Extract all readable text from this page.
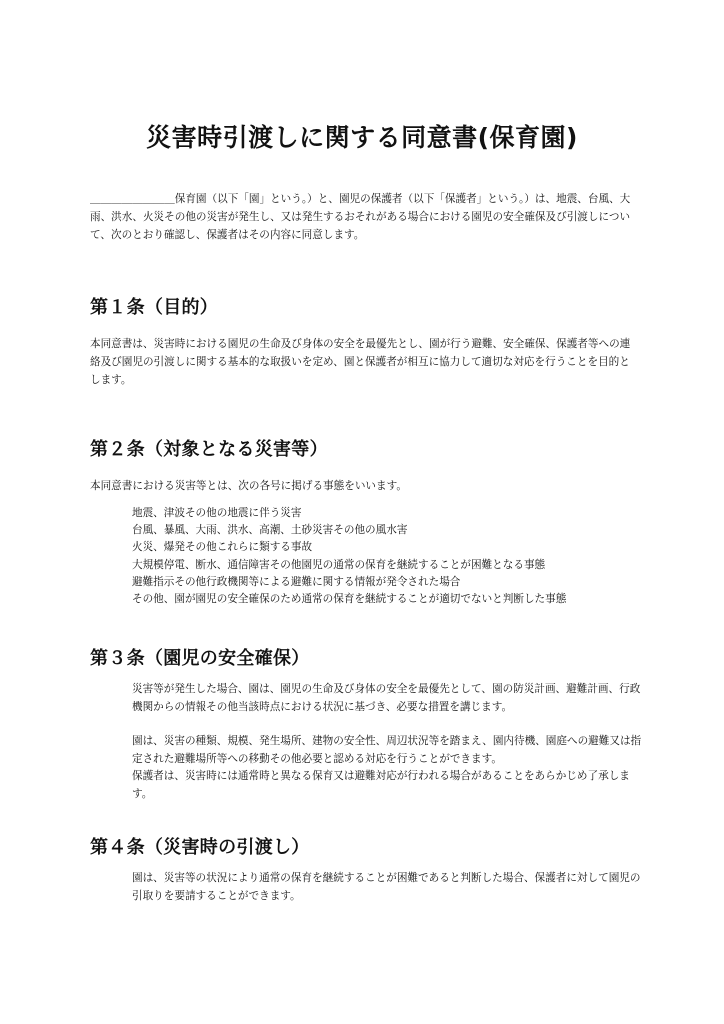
災害時引渡しに関する同意書(保育園)

＿＿＿＿＿＿＿＿保育園（以下「園」という。）と、園児の保護者（以下「保護者」という。）は、地震、台風、大雨、洪水、火災その他の災害が発生し、又は発生するおそれがある場合における園児の安全確保及び引渡しについて、次のとおり確認し、保護者はその内容に同意します。

第１条（目的）

本同意書は、災害時における園児の生命及び身体の安全を最優先とし、園が行う避難、安全確保、保護者等への連絡及び園児の引渡しに関する基本的な取扱いを定め、園と保護者が相互に協力して適切な対応を行うことを目的とします。

第２条（対象となる災害等）

本同意書における災害等とは、次の各号に掲げる事態をいいます。

地震、津波その他の地震に伴う災害
台風、暴風、大雨、洪水、高潮、土砂災害その他の風水害
火災、爆発その他これらに類する事故
大規模停電、断水、通信障害その他園児の通常の保育を継続することが困難となる事態
避難指示その他行政機関等による避難に関する情報が発令された場合
その他、園が園児の安全確保のため通常の保育を継続することが適切でないと判断した事態
第３条（園児の安全確保）

災害等が発生した場合、園は、園児の生命及び身体の安全を最優先として、園の防災計画、避難計画、行政機関からの情報その他当該時点における状況に基づき、必要な措置を講じます。

園は、災害の種類、規模、発生場所、建物の安全性、周辺状況等を踏まえ、園内待機、園庭への避難又は指定された避難場所等への移動その他必要と認める対応を行うことができます。

保護者は、災害時には通常時と異なる保育又は避難対応が行われる場合があることをあらかじめ了承します。

第４条（災害時の引渡し）

園は、災害等の状況により通常の保育を継続することが困難であると判断した場合、保護者に対して園児の引取りを要請することができます。
